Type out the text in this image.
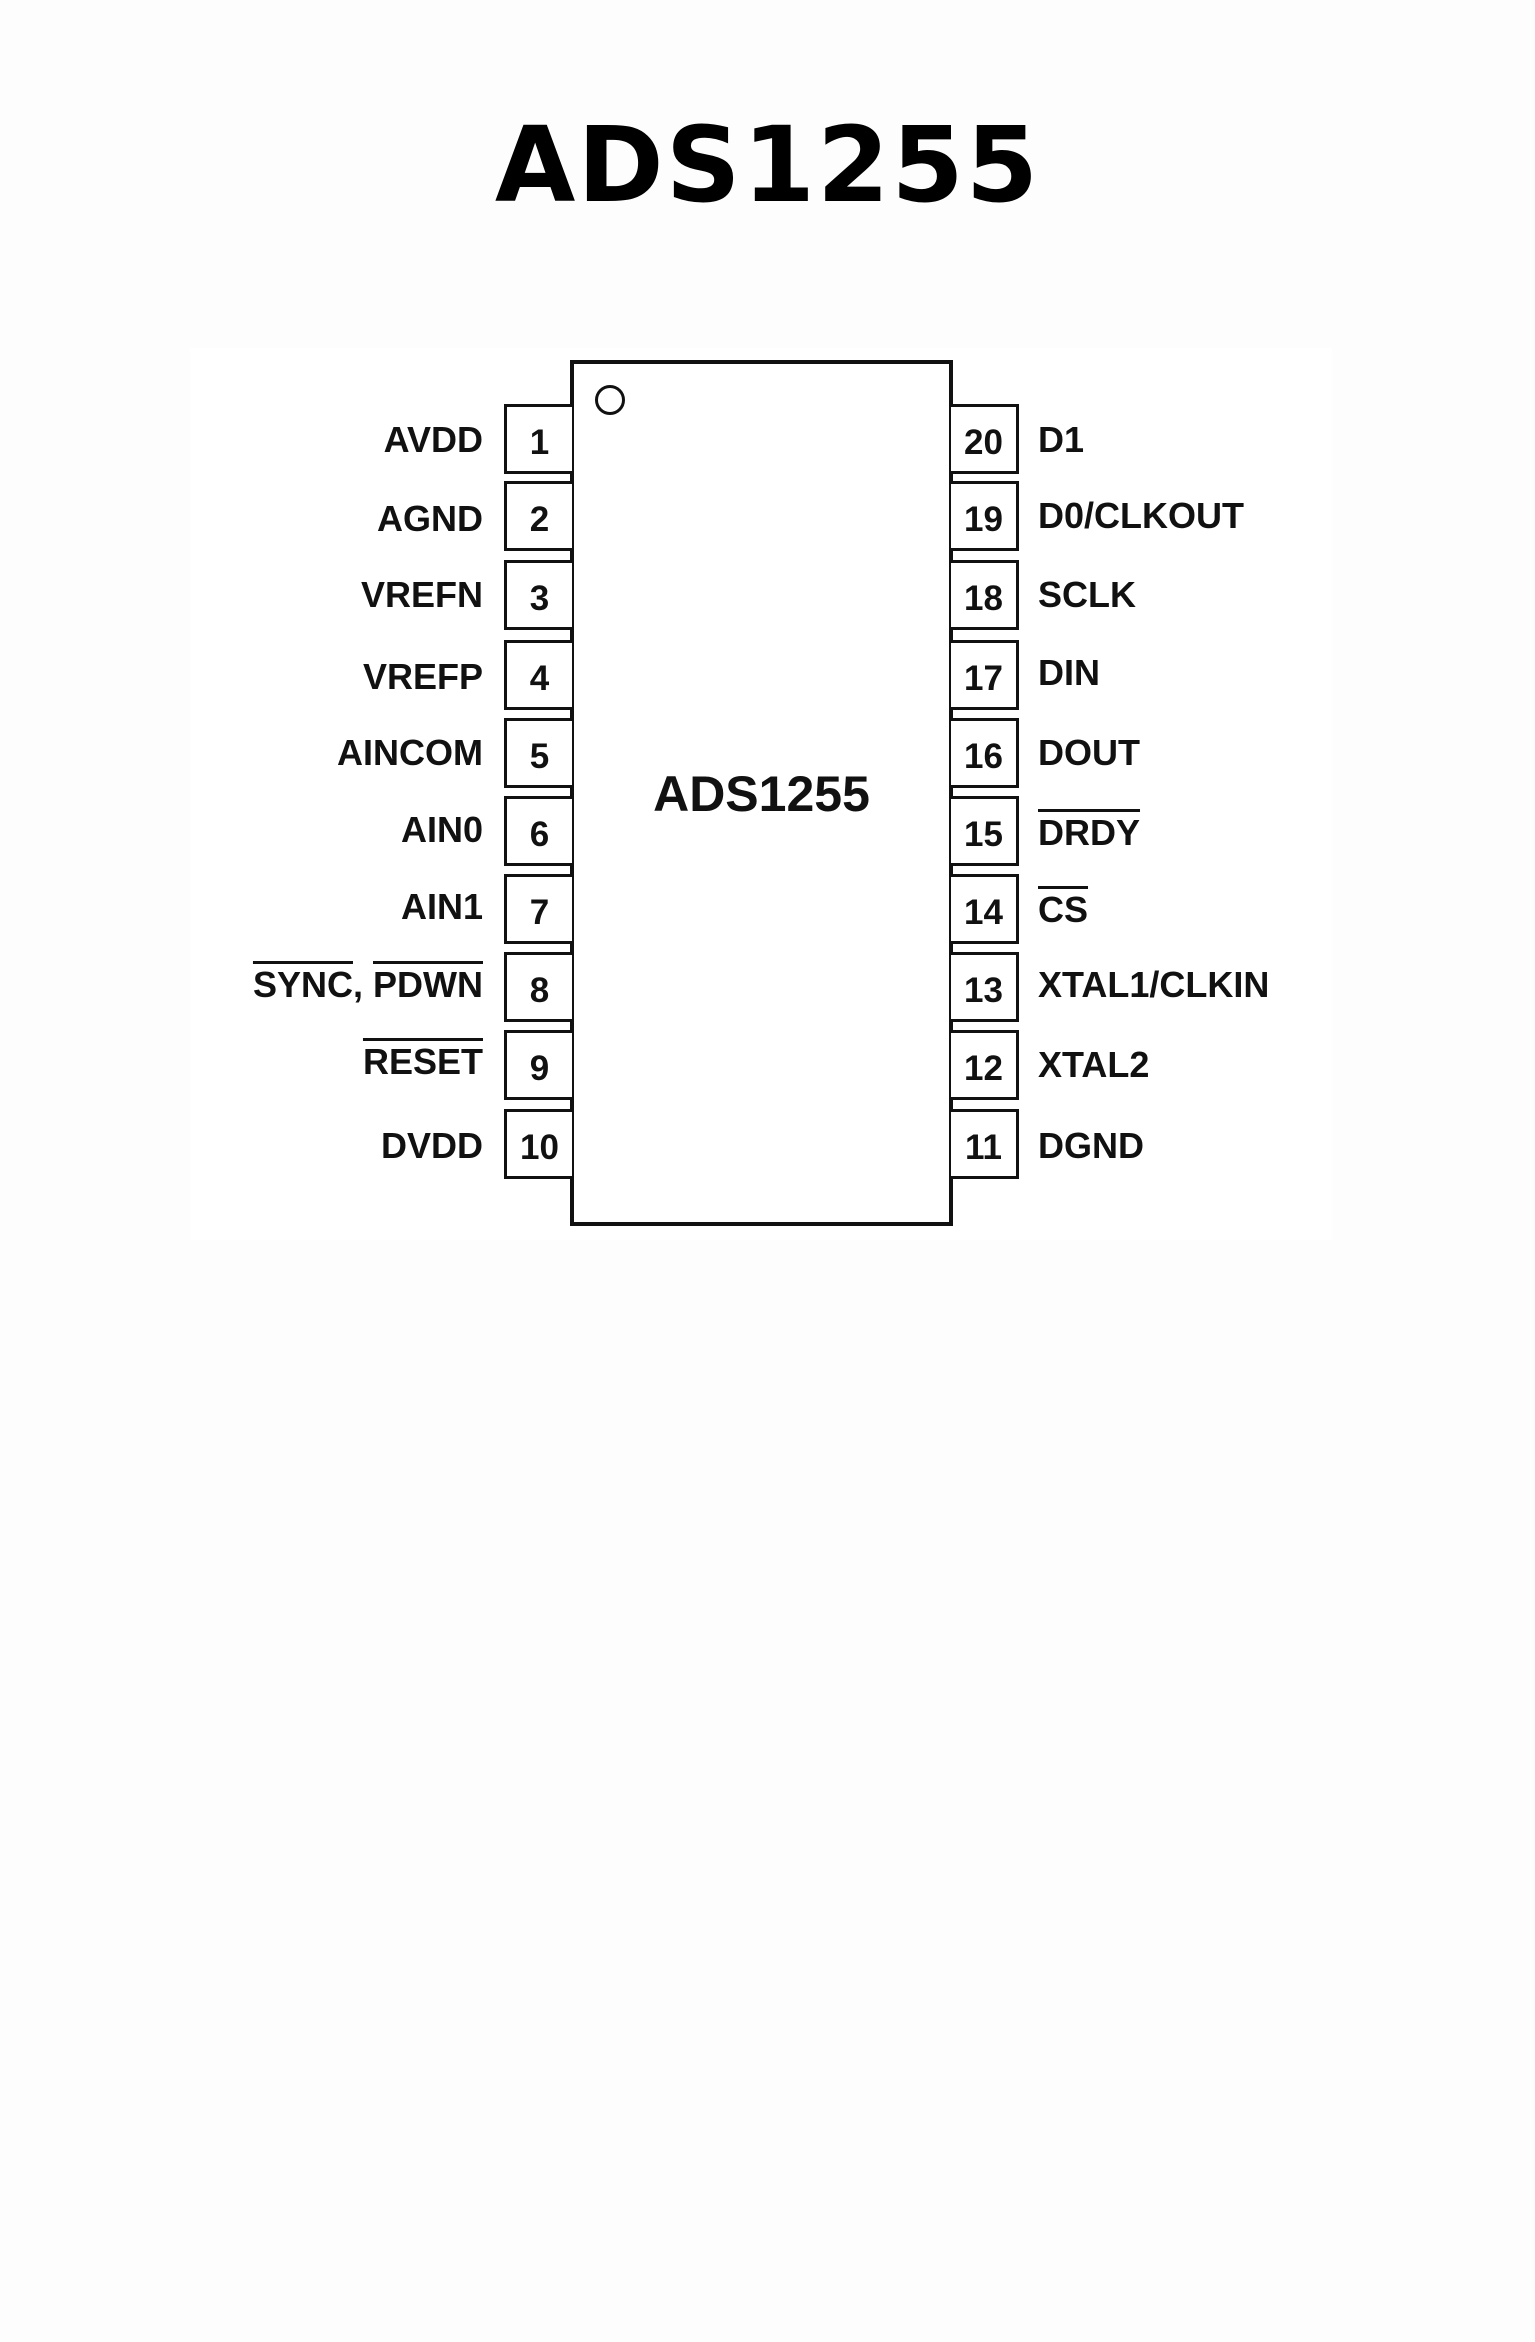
ADS1255
ADS1255
1
AVDD
2
AGND
3
VREFN
4
VREFP
5
AINCOM
6
AIN0
7
AIN1
8
SYNC, PDWN
9
RESET
10
DVDD
20 D1
19 D0/CLKOUT
18 SCLK
17 DIN
16 DOUT
15 DRDY
14 $\overline{CS}$
13 XTAL1/CLKIN
12 XTAL2
11	DGND
